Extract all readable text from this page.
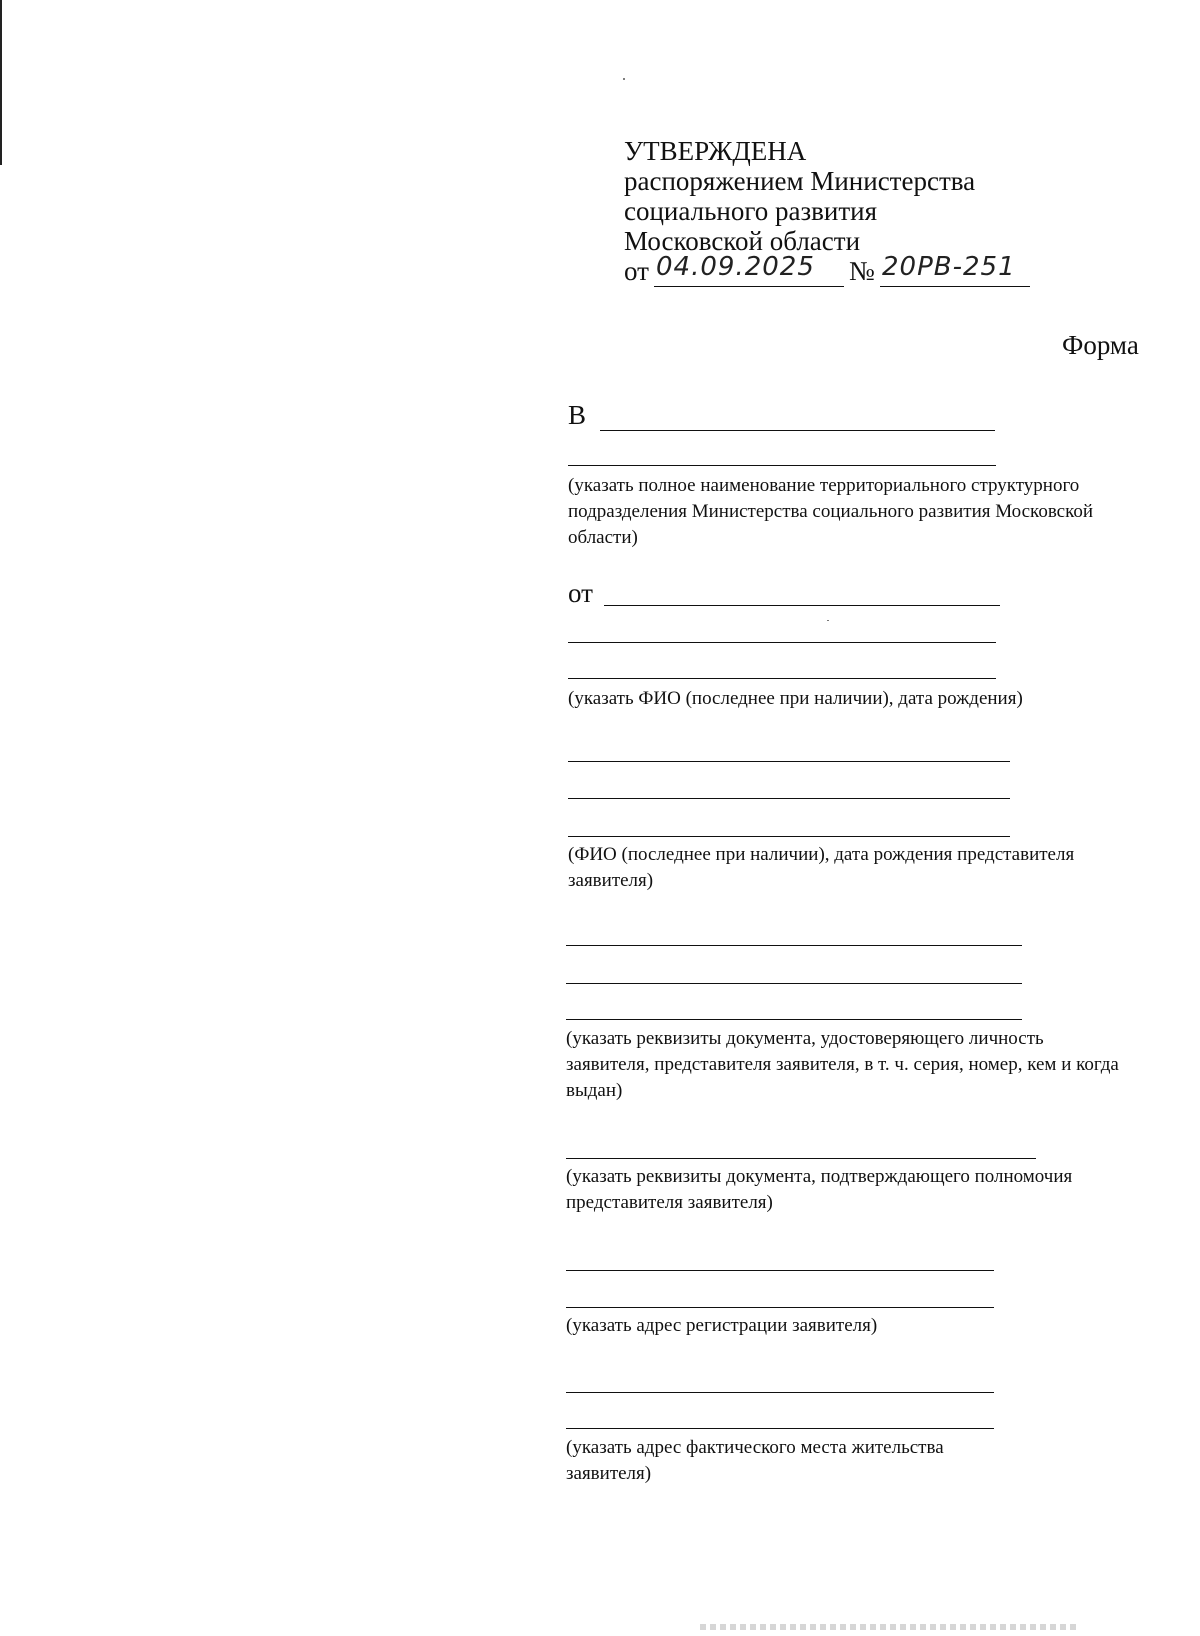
УТВЕРЖДЕНА
распоряжением Министерства
социального развития
Московской области
от 04.09.2025 № 20РВ-251
Форма
В
(указать полное наименование территориального структурного подразделения Министерства социального развития Московской области)
от
(указать ФИО (последнее при наличии), дата рождения)
(ФИО (последнее при наличии), дата рождения представителя заявителя)
(указать реквизиты документа, удостоверяющего личность заявителя, представителя заявителя, в т. ч. серия, номер, кем и когда выдан)
(указать реквизиты документа, подтверждающего полномочия представителя заявителя)
(указать адрес регистрации заявителя)
(указать адрес фактического места жительства заявителя)
